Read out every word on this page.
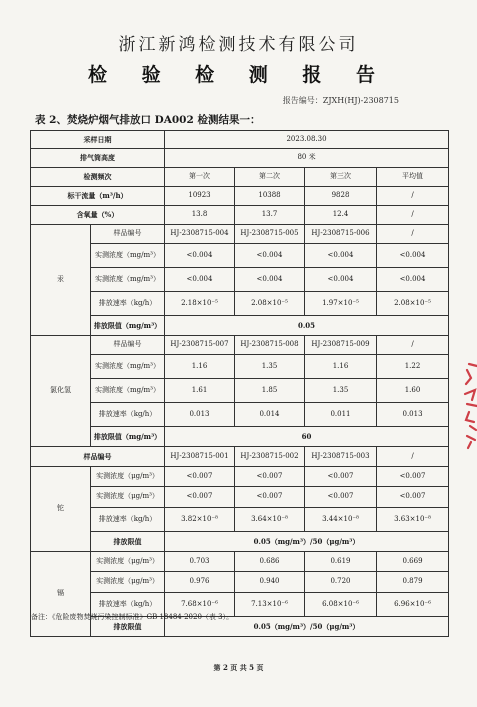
浙江新鸿检测技术有限公司
检 验 检 测 报 告
报告编号：ZJXH(HJ)-2308715
表 2、焚烧炉烟气排放口 DA002 检测结果一：
采样日期		2023.08.30			
排气筒高度		80 米			
检测频次		第一次	第二次	第三次	平均值
标干流量（m³/h）		10923	10388	9828	/
含氧量（%）		13.8	13.7	12.4	/
汞	样品编号	HJ-2308715-004	HJ-2308715-005	HJ-2308715-006	/
	实测浓度（mg/m³）	<0.004	<0.004	<0.004	<0.004
	实测浓度（mg/m³）	<0.004	<0.004	<0.004	<0.004
	排放速率（kg/h）	2.18×10⁻⁵	2.08×10⁻⁵	1.97×10⁻⁵	2.08×10⁻⁵
	排放限值（mg/m³）	0.05			
氯化氢	样品编号	HJ-2308715-007	HJ-2308715-008	HJ-2308715-009	/
	实测浓度（mg/m³）	1.16	1.35	1.16	1.22
	实测浓度（mg/m³）	1.61	1.85	1.35	1.60
	排放速率（kg/h）	0.013	0.014	0.011	0.013
	排放限值（mg/m³）	60			
样品编号		HJ-2308715-001	HJ-2308715-002	HJ-2308715-003	/
铊	实测浓度（μg/m³）	<0.007	<0.007	<0.007	<0.007
	实测浓度（μg/m³）	<0.007	<0.007	<0.007	<0.007
	排放速率（kg/h）	3.82×10⁻⁸	3.64×10⁻⁸	3.44×10⁻⁸	3.63×10⁻⁸
	排放限值	0.05（mg/m³）/50（μg/m³）			
镉	实测浓度（μg/m³）	0.703	0.686	0.619	0.669
	实测浓度（μg/m³）	0.976	0.940	0.720	0.879
	排放速率（kg/h）	7.68×10⁻⁶	7.13×10⁻⁶	6.08×10⁻⁶	6.96×10⁻⁶
	排放限值	0.05（mg/m³）/50（μg/m³）			
备注：《危险废物焚烧污染控制标准》GB 18484-2020（表 3）。
第 2 页 共 5 页
